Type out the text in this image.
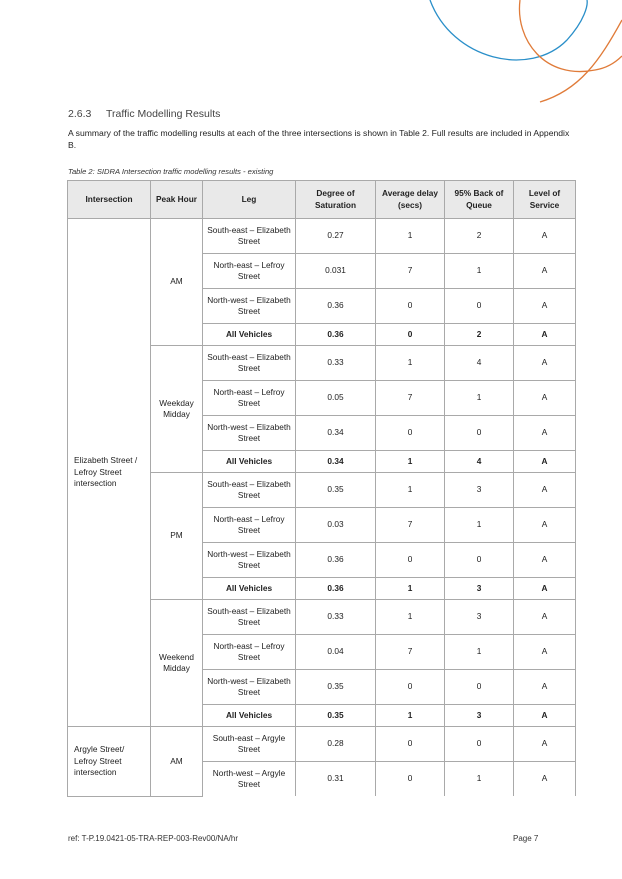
2.6.3 Traffic Modelling Results
A summary of the traffic modelling results at each of the three intersections is shown in Table 2. Full results are included in Appendix B.
Table 2: SIDRA Intersection traffic modelling results - existing
Intersection	Peak Hour	Leg	Degree of Saturation	Average delay (secs)	95% Back of Queue	Level of Service
Elizabeth Street / Lefroy Street intersection	AM	South-east – Elizabeth Street	0.27	1	2	A
		North-east – Lefroy Street	0.031	7	1	A
		North-west – Elizabeth Street	0.36	0	0	A
		All Vehicles	0.36	0	2	A
	Weekday Midday	South-east – Elizabeth Street	0.33	1	4	A
		North-east – Lefroy Street	0.05	7	1	A
		North-west – Elizabeth Street	0.34	0	0	A
		All Vehicles	0.34	1	4	A
	PM	South-east – Elizabeth Street	0.35	1	3	A
		North-east – Lefroy Street	0.03	7	1	A
		North-west – Elizabeth Street	0.36	0	0	A
		All Vehicles	0.36	1	3	A
	Weekend Midday	South-east – Elizabeth Street	0.33	1	3	A
		North-east – Lefroy Street	0.04	7	1	A
		North-west – Elizabeth Street	0.35	0	0	A
		All Vehicles	0.35	1	3	A
Argyle Street/ Lefroy Street intersection	AM	South-east – Argyle Street	0.28	0	0	A
		North-west – Argyle Street	0.31	0	1	A
ref: T-P.19.0421-05-TRA-REP-003-Rev00/NA/hr	Page 7
